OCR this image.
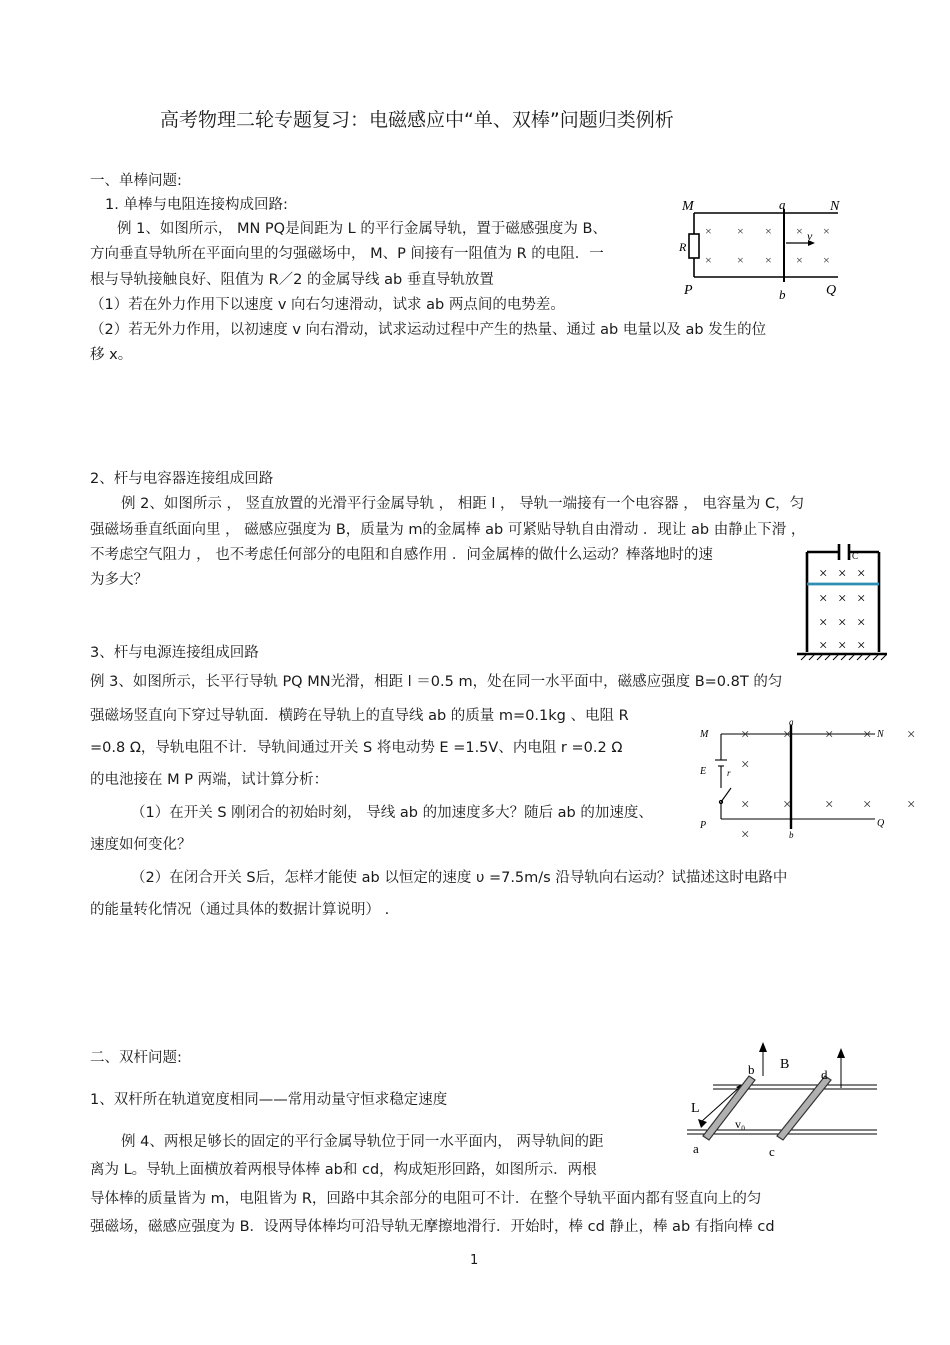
高考物理二轮专题复习：电磁感应中“单、双棒”问题归类例析
一、单棒问题:
1. 单棒与电阻连接构成回路:
例 1、如图所示， MN PQ是间距为 L 的平行金属导轨，置于磁感强度为 B、
方向垂直导轨所在平面向里的匀强磁场中， M、P 间接有一阻值为 R 的电阻．一
根与导轨接触良好、阻值为 R／2 的金属导线 ab 垂直导轨放置
（1）若在外力作用下以速度 v 向右匀速滑动，试求 ab 两点间的电势差。
（2）若无外力作用，以初速度 v 向右滑动，试求运动过程中产生的热量、通过 ab 电量以及 ab 发生的位
移 x。
M	N
P	Q
a
b
R
v
× × × × ×
× × × × ×
2、杆与电容器连接组成回路
例 2、如图所示 ， 竖直放置的光滑平行金属导轨 ， 相距 l ， 导轨一端接有一个电容器 ， 电容量为 C，匀
强磁场垂直纸面向里 ， 磁感应强度为 B，质量为 m的金属棒 ab 可紧贴导轨自由滑动 ．现让 ab 由静止下滑 ，
不考虑空气阻力 ， 也不考虑任何部分的电阻和自感作用 ．问金属棒的做什么运动？棒落地时的速
为多大？
C
× × ×
× × ×
× × ×
× × ×
3、杆与电源连接组成回路
例 3、如图所示，长平行导轨 PQ MN光滑，相距 l ＝0.5 m，处在同一水平面中，磁感应强度 B=0.8T 的匀
强磁场竖直向下穿过导轨面．横跨在导轨上的直导线 ab 的质量 m=0.1kg 、电阻 R
=0.8 Ω，导轨电阻不计．导轨间通过开关 S 将电动势 E =1.5V、内电阻 r =0.2 Ω
的电池接在 M P 两端，试计算分析：
（1）在开关 S 刚闭合的初始时刻， 导线 ab 的加速度多大？随后 ab 的加速度、
速度如何变化？
（2）在闭合开关 S后，怎样才能使 ab 以恒定的速度 υ =7.5m/s 沿导轨向右运动？试描述这时电路中
的能量转化情况（通过具体的数据计算说明） .
M	N
P	Q
a
b
E r
× × × × ×
×
× × × × ×
×
二、双杆问题:
1、双杆所在轨道宽度相同——常用动量守恒求稳定速度
例 4、两根足够长的固定的平行金属导轨位于同一水平面内， 两导轨间的距
离为 L。导轨上面横放着两根导体棒 ab和 cd，构成矩形回路，如图所示．两根
导体棒的质量皆为 m，电阻皆为 R，回路中其余部分的电阻可不计．在整个导轨平面内都有竖直向上的匀
强磁场，磁感应强度为 B．设两导体棒均可沿导轨无摩擦地滑行．开始时，棒 cd 静止，棒 ab 有指向棒 cd
B
b	d
L
v₀
a	c
1
